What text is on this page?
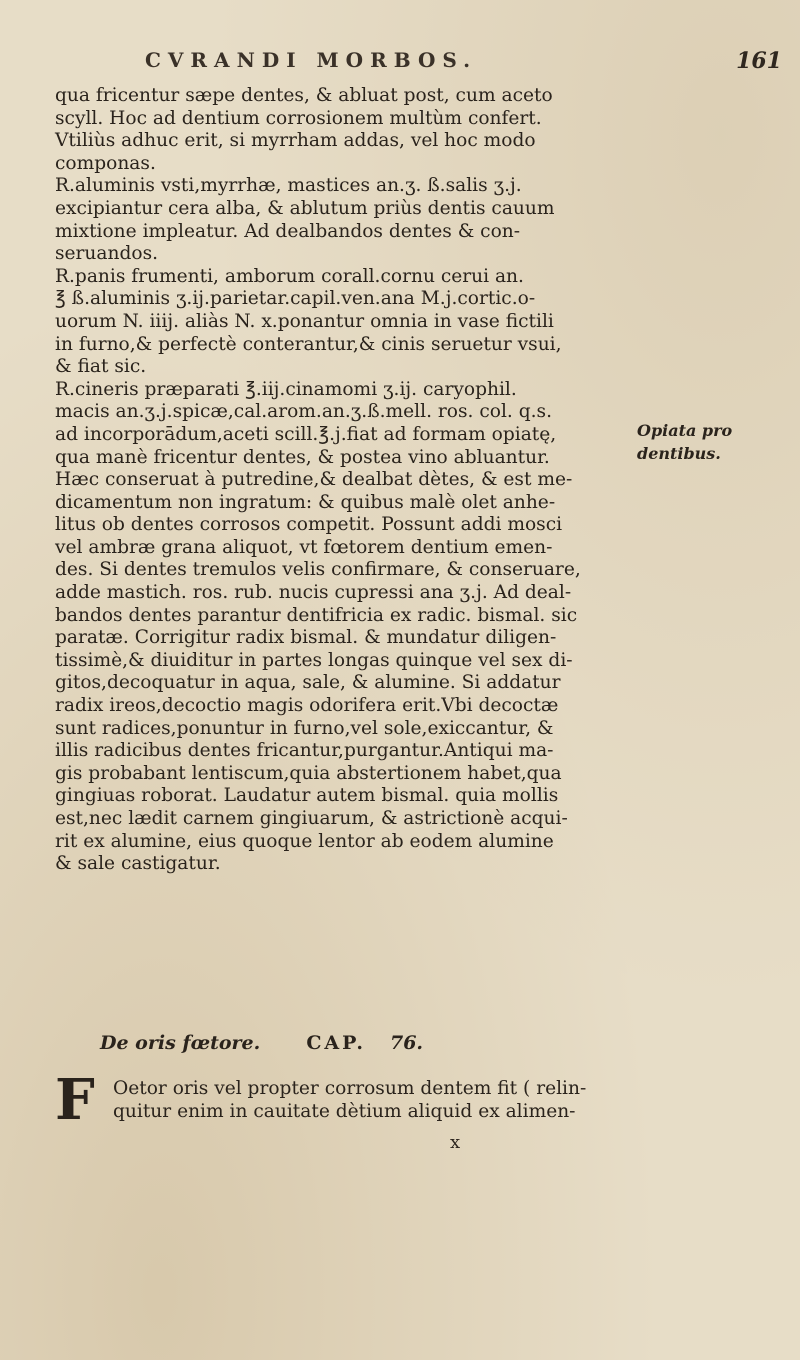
CVRANDI MORBOS.	161
qua fricentur sæpe dentes, & abluat post, cum aceto
scyll. Hoc ad dentium corrosionem multùm confert.
Vtiliùs adhuc erit, si myrrham addas, vel hoc modo
componas.
R.aluminis vsti,myrrhæ, mastices an.ʒ. ß.salis ʒ.j.
excipiantur cera alba, & ablutum priùs dentis cauum
mixtione impleatur. Ad dealbandos dentes & con-
seruandos.
R.panis frumenti, amborum corall.cornu cerui an.
℥ ß.aluminis ʒ.ij.parietar.capil.ven.ana M.j.cortic.o-
uorum N. iiij. aliàs N. x.ponantur omnia in vase fictili
in furno,& perfectè conterantur,& cinis seruetur vsui,
& fiat sic.
R.cineris præparati ℥.iij.cinamomi ʒ.ij. caryophil.
macis an.ʒ.j.spicæ,cal.arom.an.ʒ.ß.mell. ros. col. q.s.
ad incorporādum,aceti scill.℥.j.fiat ad formam opiatę,
qua manè fricentur dentes, & postea vino abluantur.
Hæc conseruat à putredine,& dealbat dètes, & est me-
dicamentum non ingratum: & quibus malè olet anhe-
litus ob dentes corrosos competit. Possunt addi mosci
vel ambræ grana aliquot, vt fœtorem dentium emen-
des. Si dentes tremulos velis confirmare, & conseruare,
adde mastich. ros. rub. nucis cupressi ana ʒ.j. Ad deal-
bandos dentes parantur dentifricia ex radic. bismal. sic
paratæ. Corrigitur radix bismal. & mundatur diligen-
tissimè,& diuiditur in partes longas quinque vel sex di-
gitos,decoquatur in aqua, sale, & alumine. Si addatur
radix ireos,decoctio magis odorifera erit.Vbi decoctæ
sunt radices,ponuntur in furno,vel sole,exiccantur, &
illis radicibus dentes fricantur,purgantur.Antiqui ma-
gis probabant lentiscum,quia abstertionem habet,qua
gingiuas roborat. Laudatur autem bismal. quia mollis
est,nec lædit carnem gingiuarum, & astrictionè acqui-
rit ex alumine, eius quoque lentor ab eodem alumine
& sale castigatur.
Opiata pro
dentibus.
De oris fœtore. CAP. 76.
F Oetor oris vel propter corrosum dentem fit ( relin-
quitur enim in cauitate dètium aliquid ex alimen-
x
